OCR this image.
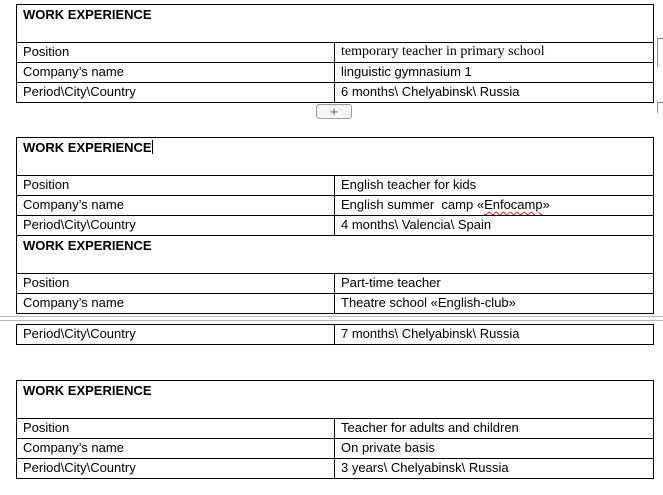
WORK EXPERIENCE	
Position	temporary teacher in primary school
Company’s name	linguistic gymnasium 1
Period\City\Country	6 months\ Chelyabinsk\ Russia
+
WORK EXPERIENCE	
Position	English teacher for kids
Company’s name	English summer  camp «Enfocamp»
Period\City\Country	4 months\ Valencia\ Spain
WORK EXPERIENCE	
Position	Part-time teacher
Company’s name	Theatre school «English-club»
Period\City\Country	7 months\ Chelyabinsk\ Russia
WORK EXPERIENCE	
Position	Teacher for adults and children
Company’s name	On private basis
Period\City\Country	3 years\ Chelyabinsk\ Russia
